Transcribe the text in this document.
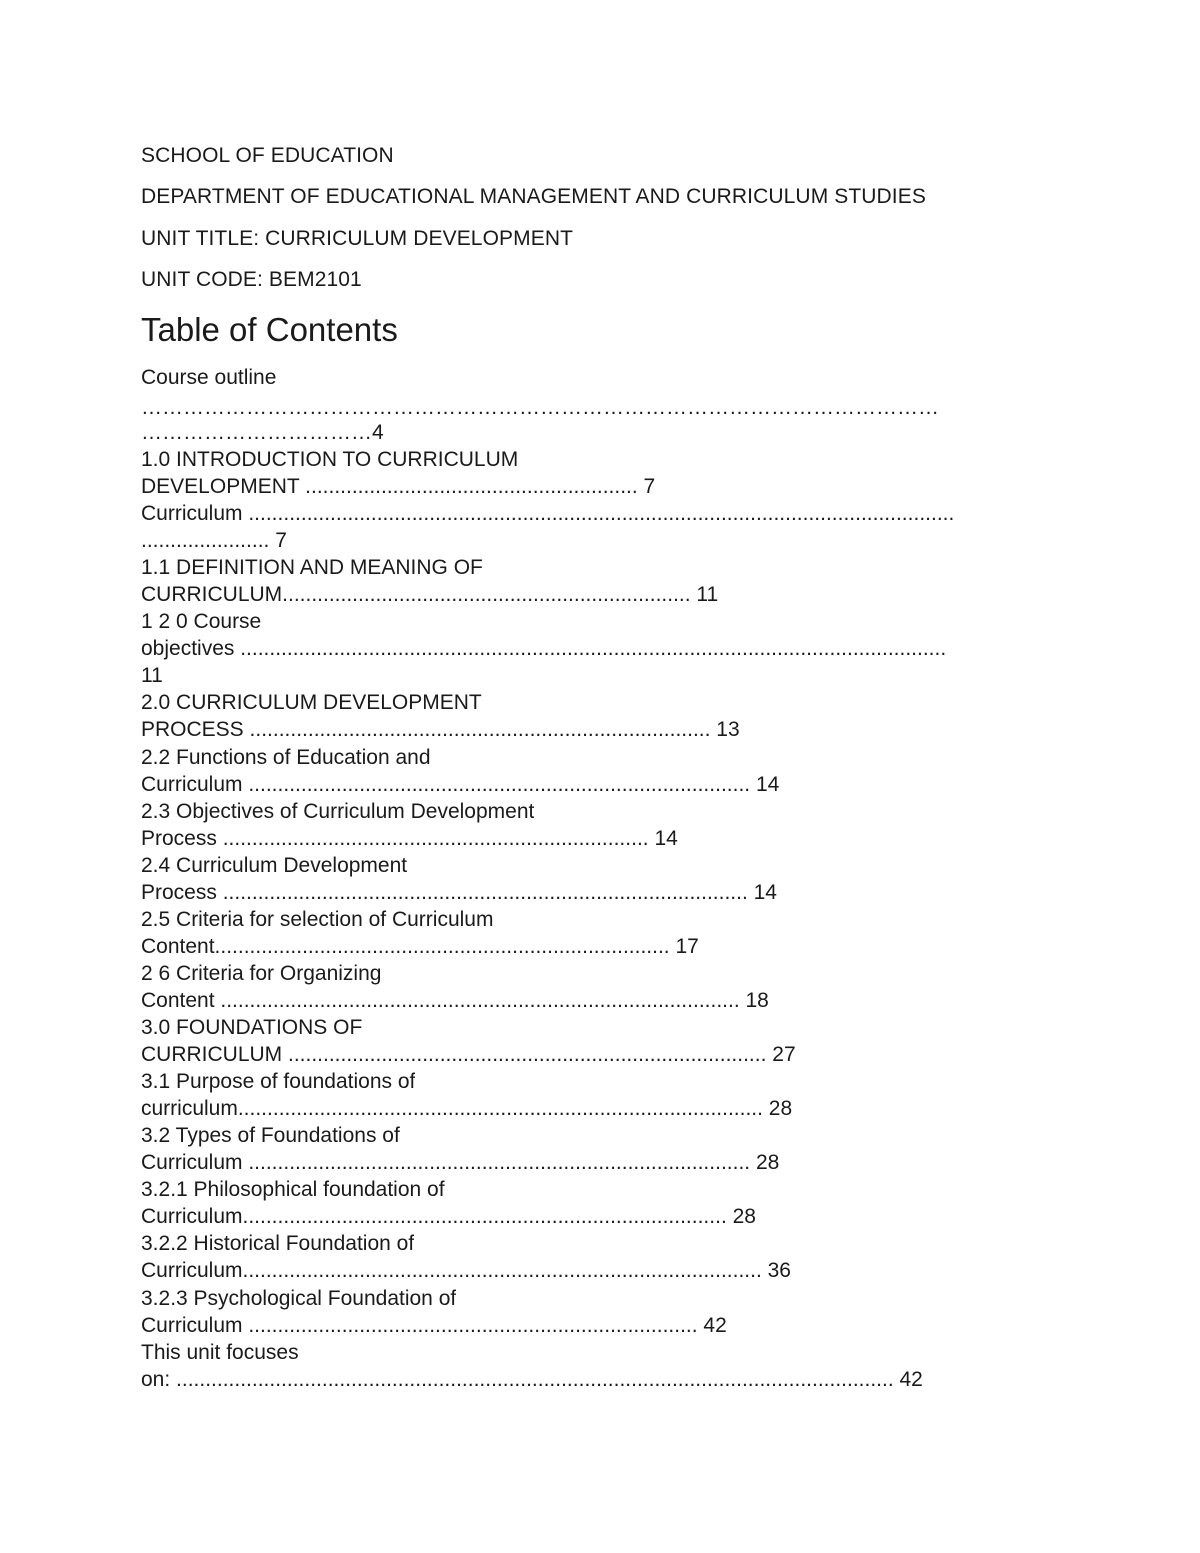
SCHOOL OF EDUCATION
DEPARTMENT OF EDUCATIONAL MANAGEMENT AND CURRICULUM STUDIES
UNIT TITLE: CURRICULUM DEVELOPMENT
UNIT CODE: BEM2101
Table of Contents
Course outline
……………………………………………………………………………………………………
……………………………4
1.0 INTRODUCTION TO CURRICULUM
DEVELOPMENT ......................................................... 7
Curriculum .........................................................................................................................
...................... 7
1.1 DEFINITION AND MEANING OF
CURRICULUM...................................................................... 11
1 2 0 Course
objectives .........................................................................................................................
11
2.0 CURRICULUM DEVELOPMENT
PROCESS ............................................................................... 13
2.2 Functions of Education and
Curriculum ...................................................................................... 14
2.3 Objectives of Curriculum Development
Process ......................................................................... 14
2.4 Curriculum Development
Process .......................................................................................... 14
2.5 Criteria for selection of Curriculum
Content.............................................................................. 17
2 6 Criteria for Organizing
Content ......................................................................................... 18
3.0 FOUNDATIONS OF
CURRICULUM .................................................................................. 27
3.1 Purpose of foundations of
curriculum.......................................................................................... 28
3.2 Types of Foundations of
Curriculum ...................................................................................... 28
3.2.1 Philosophical foundation of
Curriculum................................................................................... 28
3.2.2 Historical Foundation of
Curriculum......................................................................................... 36
3.2.3 Psychological Foundation of
Curriculum ............................................................................. 42
This unit focuses
on: ........................................................................................................................... 42
